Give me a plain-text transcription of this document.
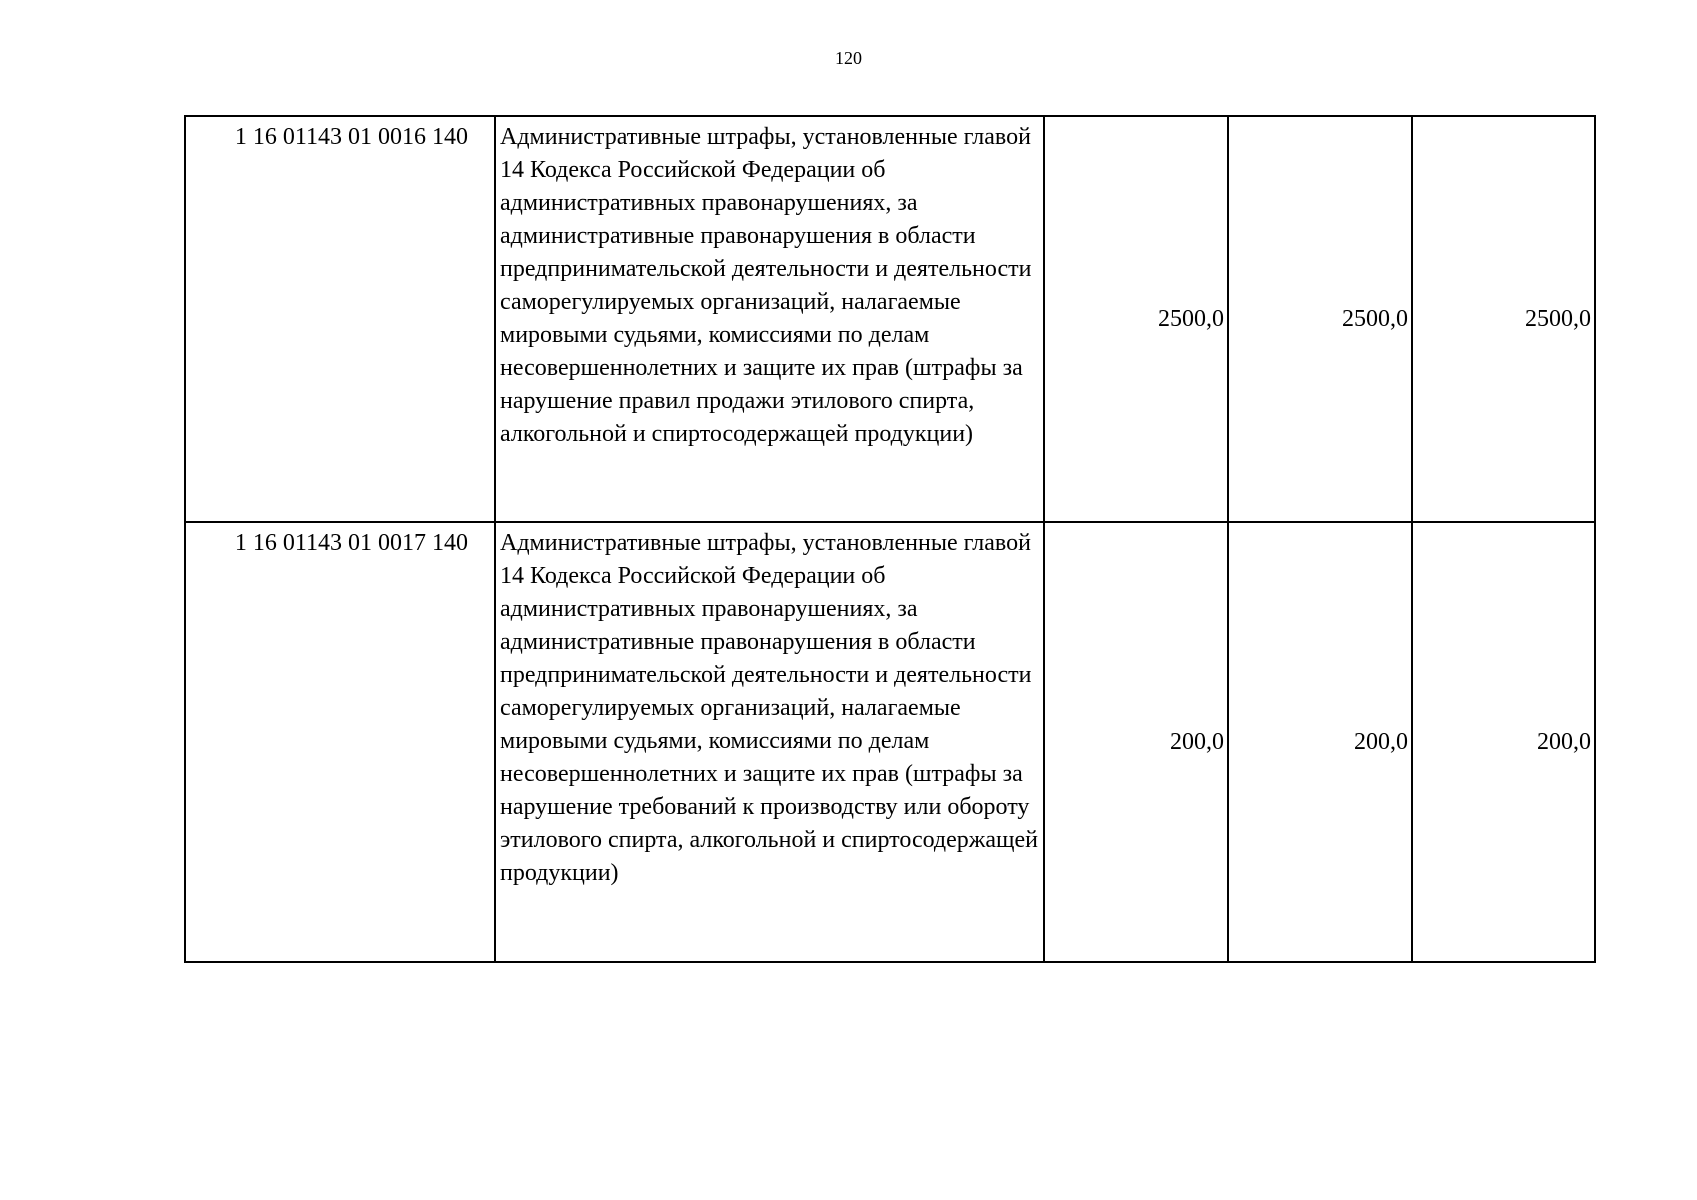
120
1 16 01143 01 0016 140	Административные штрафы, установленные главой 14 Кодекса Российской Федерации об административных правонарушениях, за административные правонарушения в области предпринимательской деятельности и деятельности саморегулируемых организаций, налагаемые мировыми судьями, комиссиями по делам несовершеннолетних и защите их прав (штрафы за нарушение правил продажи этилового спирта, алкогольной и спиртосодержащей продукции)	2500,0	2500,0	2500,0
1 16 01143 01 0017 140	Административные штрафы, установленные главой 14 Кодекса Российской Федерации об административных правонарушениях, за административные правонарушения в области предпринимательской деятельности и деятельности саморегулируемых организаций, налагаемые мировыми судьями, комиссиями по делам несовершеннолетних и защите их прав (штрафы за нарушение требований к производству или обороту этилового спирта, алкогольной и спиртосодержащей продукции)	200,0	200,0	200,0
